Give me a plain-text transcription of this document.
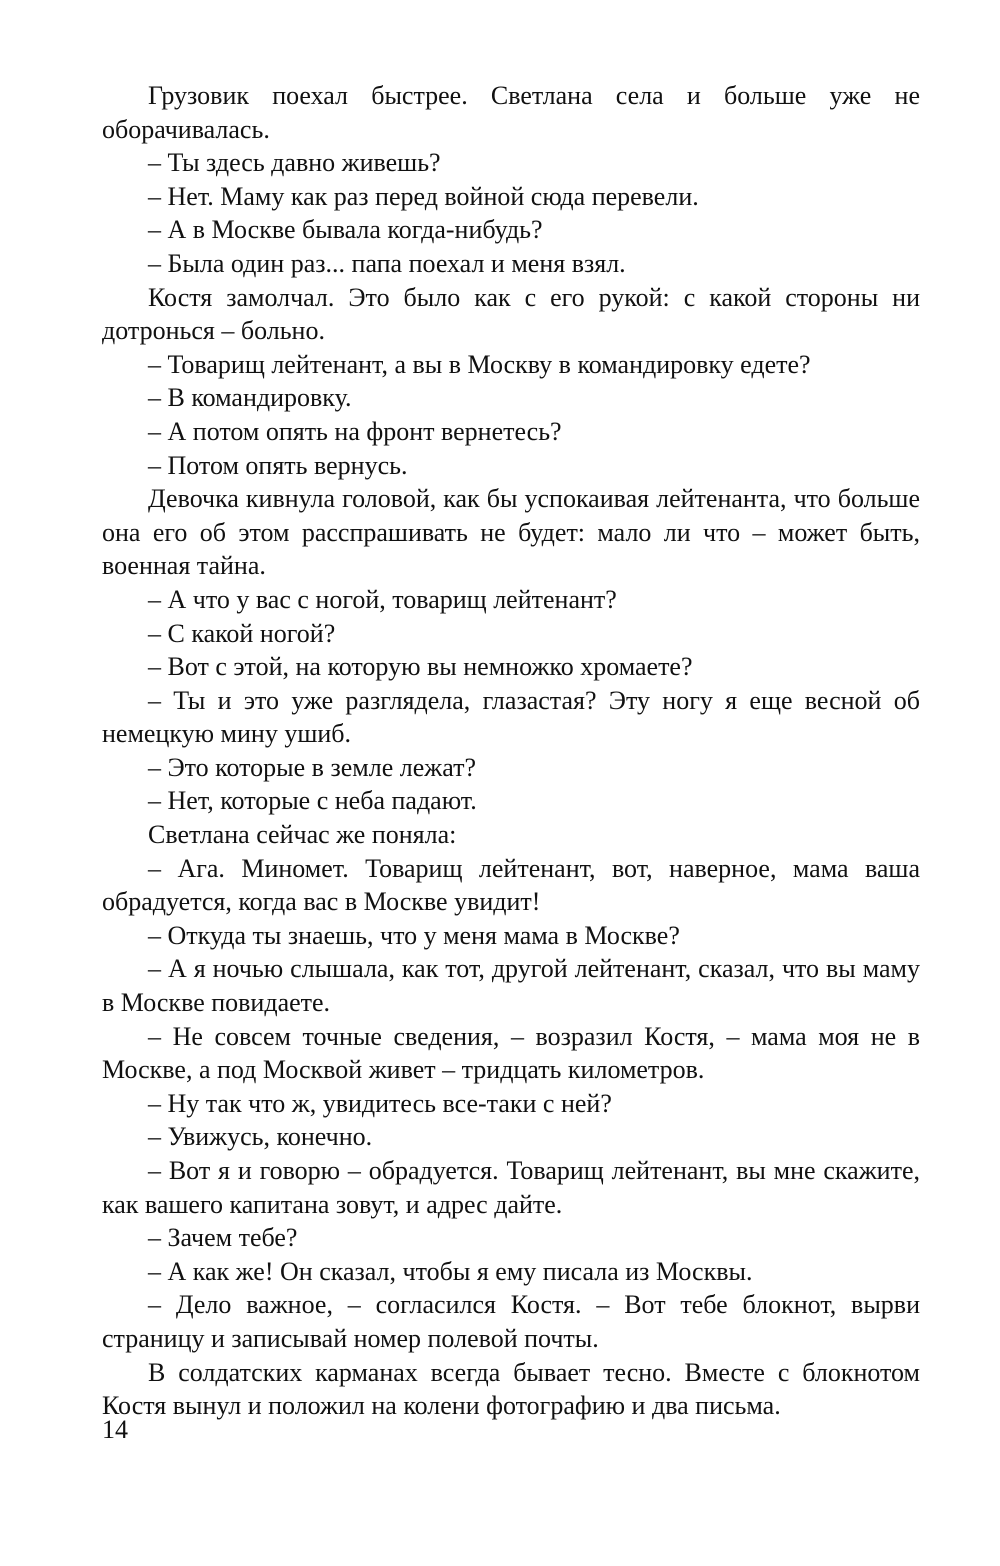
Грузовик поехал быстрее. Светлана села и больше уже не оборачивалась.

– Ты здесь давно живешь?

– Нет. Маму как раз перед войной сюда перевели.

– А в Москве бывала когда-нибудь?

– Была один раз... папа поехал и меня взял.

Костя замолчал. Это было как с его рукой: с какой стороны ни дотронься – больно.

– Товарищ лейтенант, а вы в Москву в командировку едете?

– В командировку.

– А потом опять на фронт вернетесь?

– Потом опять вернусь.

Девочка кивнула головой, как бы успокаивая лейтенанта, что больше она его об этом расспрашивать не будет: мало ли что – может быть, военная тайна.

– А что у вас с ногой, товарищ лейтенант?

– С какой ногой?

– Вот с этой, на которую вы немножко хромаете?

– Ты и это уже разглядела, глазастая? Эту ногу я еще весной об немецкую мину ушиб.

– Это которые в земле лежат?

– Нет, которые с неба падают.

Светлана сейчас же поняла:

– Ага. Миномет. Товарищ лейтенант, вот, наверное, мама ваша обрадуется, когда вас в Москве увидит!

– Откуда ты знаешь, что у меня мама в Москве?

– А я ночью слышала, как тот, другой лейтенант, сказал, что вы маму в Москве повидаете.

– Не совсем точные сведения, – возразил Костя, – мама моя не в Москве, а под Москвой живет – тридцать километров.

– Ну так что ж, увидитесь все-таки с ней?

– Увижусь, конечно.

– Вот я и говорю – обрадуется. Товарищ лейтенант, вы мне скажите, как вашего капитана зовут, и адрес дайте.

– Зачем тебе?

– А как же! Он сказал, чтобы я ему писала из Москвы.

– Дело важное, – согласился Костя. – Вот тебе блокнот, вырви страницу и записывай номер полевой почты.

В солдатских карманах всегда бывает тесно. Вместе с блокнотом Костя вынул и положил на колени фотографию и два письма.

14
